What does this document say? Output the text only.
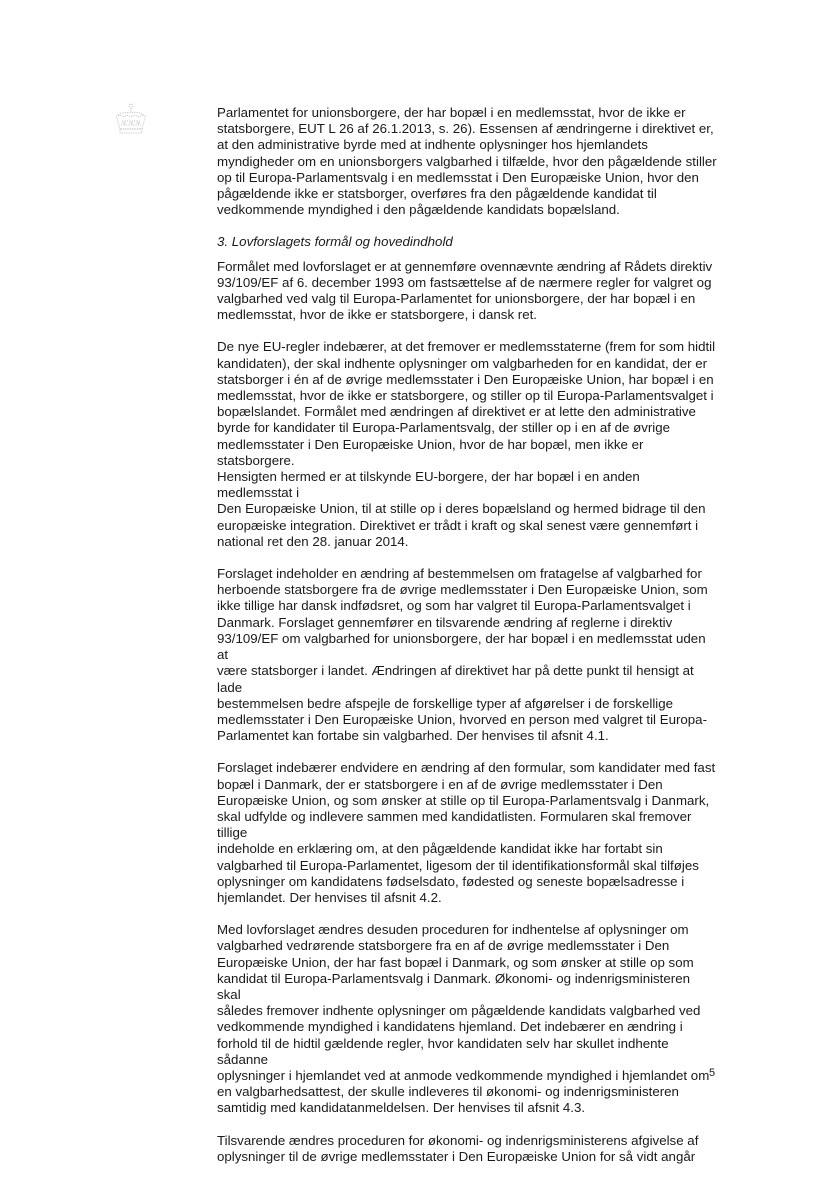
Parlamentet for unionsborgere, der har bopæl i en medlemsstat, hvor de ikke er
statsborgere, EUT L 26 af 26.1.2013, s. 26). Essensen af ændringerne i direktivet er,
at den administrative byrde med at indhente oplysninger hos hjemlandets
myndigheder om en unionsborgers valgbarhed i tilfælde, hvor den pågældende stiller
op til Europa-Parlamentsvalg i en medlemsstat i Den Europæiske Union, hvor den
pågældende ikke er statsborger, overføres fra den pågældende kandidat til
vedkommende myndighed i den pågældende kandidats bopælsland.

3. Lovforslagets formål og hovedindhold

Formålet med lovforslaget er at gennemføre ovennævnte ændring af Rådets direktiv
93/109/EF af 6. december 1993 om fastsættelse af de nærmere regler for valgret og
valgbarhed ved valg til Europa-Parlamentet for unionsborgere, der har bopæl i en
medlemsstat, hvor de ikke er statsborgere, i dansk ret.

De nye EU-regler indebærer, at det fremover er medlemsstaterne (frem for som hidtil
kandidaten), der skal indhente oplysninger om valgbarheden for en kandidat, der er
statsborger i én af de øvrige medlemsstater i Den Europæiske Union, har bopæl i en
medlemsstat, hvor de ikke er statsborgere, og stiller op til Europa-Parlamentsvalget i
bopælslandet. Formålet med ændringen af direktivet er at lette den administrative
byrde for kandidater til Europa-Parlamentsvalg, der stiller op i en af de øvrige
medlemsstater i Den Europæiske Union, hvor de har bopæl, men ikke er statsborgere.
Hensigten hermed er at tilskynde EU-borgere, der har bopæl i en anden medlemsstat i
Den Europæiske Union, til at stille op i deres bopælsland og hermed bidrage til den
europæiske integration. Direktivet er trådt i kraft og skal senest være gennemført i
national ret den 28. januar 2014.

Forslaget indeholder en ændring af bestemmelsen om fratagelse af valgbarhed for
herboende statsborgere fra de øvrige medlemsstater i Den Europæiske Union, som
ikke tillige har dansk indfødsret, og som har valgret til Europa-Parlamentsvalget i
Danmark. Forslaget gennemfører en tilsvarende ændring af reglerne i direktiv
93/109/EF om valgbarhed for unionsborgere, der har bopæl i en medlemsstat uden at
være statsborger i landet. Ændringen af direktivet har på dette punkt til hensigt at lade
bestemmelsen bedre afspejle de forskellige typer af afgørelser i de forskellige
medlemsstater i Den Europæiske Union, hvorved en person med valgret til Europa-
Parlamentet kan fortabe sin valgbarhed. Der henvises til afsnit 4.1.

Forslaget indebærer endvidere en ændring af den formular, som kandidater med fast
bopæl i Danmark, der er statsborgere i en af de øvrige medlemsstater i Den
Europæiske Union, og som ønsker at stille op til Europa-Parlamentsvalg i Danmark,
skal udfylde og indlevere sammen med kandidatlisten. Formularen skal fremover tillige
indeholde en erklæring om, at den pågældende kandidat ikke har fortabt sin
valgbarhed til Europa-Parlamentet, ligesom der til identifikationsformål skal tilføjes
oplysninger om kandidatens fødselsdato, fødested og seneste bopælsadresse i
hjemlandet. Der henvises til afsnit 4.2.

Med lovforslaget ændres desuden proceduren for indhentelse af oplysninger om
valgbarhed vedrørende statsborgere fra en af de øvrige medlemsstater i Den
Europæiske Union, der har fast bopæl i Danmark, og som ønsker at stille op som
kandidat til Europa-Parlamentsvalg i Danmark. Økonomi- og indenrigsministeren skal
således fremover indhente oplysninger om pågældende kandidats valgbarhed ved
vedkommende myndighed i kandidatens hjemland. Det indebærer en ændring i
forhold til de hidtil gældende regler, hvor kandidaten selv har skullet indhente sådanne
oplysninger i hjemlandet ved at anmode vedkommende myndighed i hjemlandet om
en valgbarhedsattest, der skulle indleveres til økonomi- og indenrigsministeren
samtidig med kandidatanmeldelsen. Der henvises til afsnit 4.3.

Tilsvarende ændres proceduren for økonomi- og indenrigsministerens afgivelse af
oplysninger til de øvrige medlemsstater i Den Europæiske Union for så vidt angår

5
